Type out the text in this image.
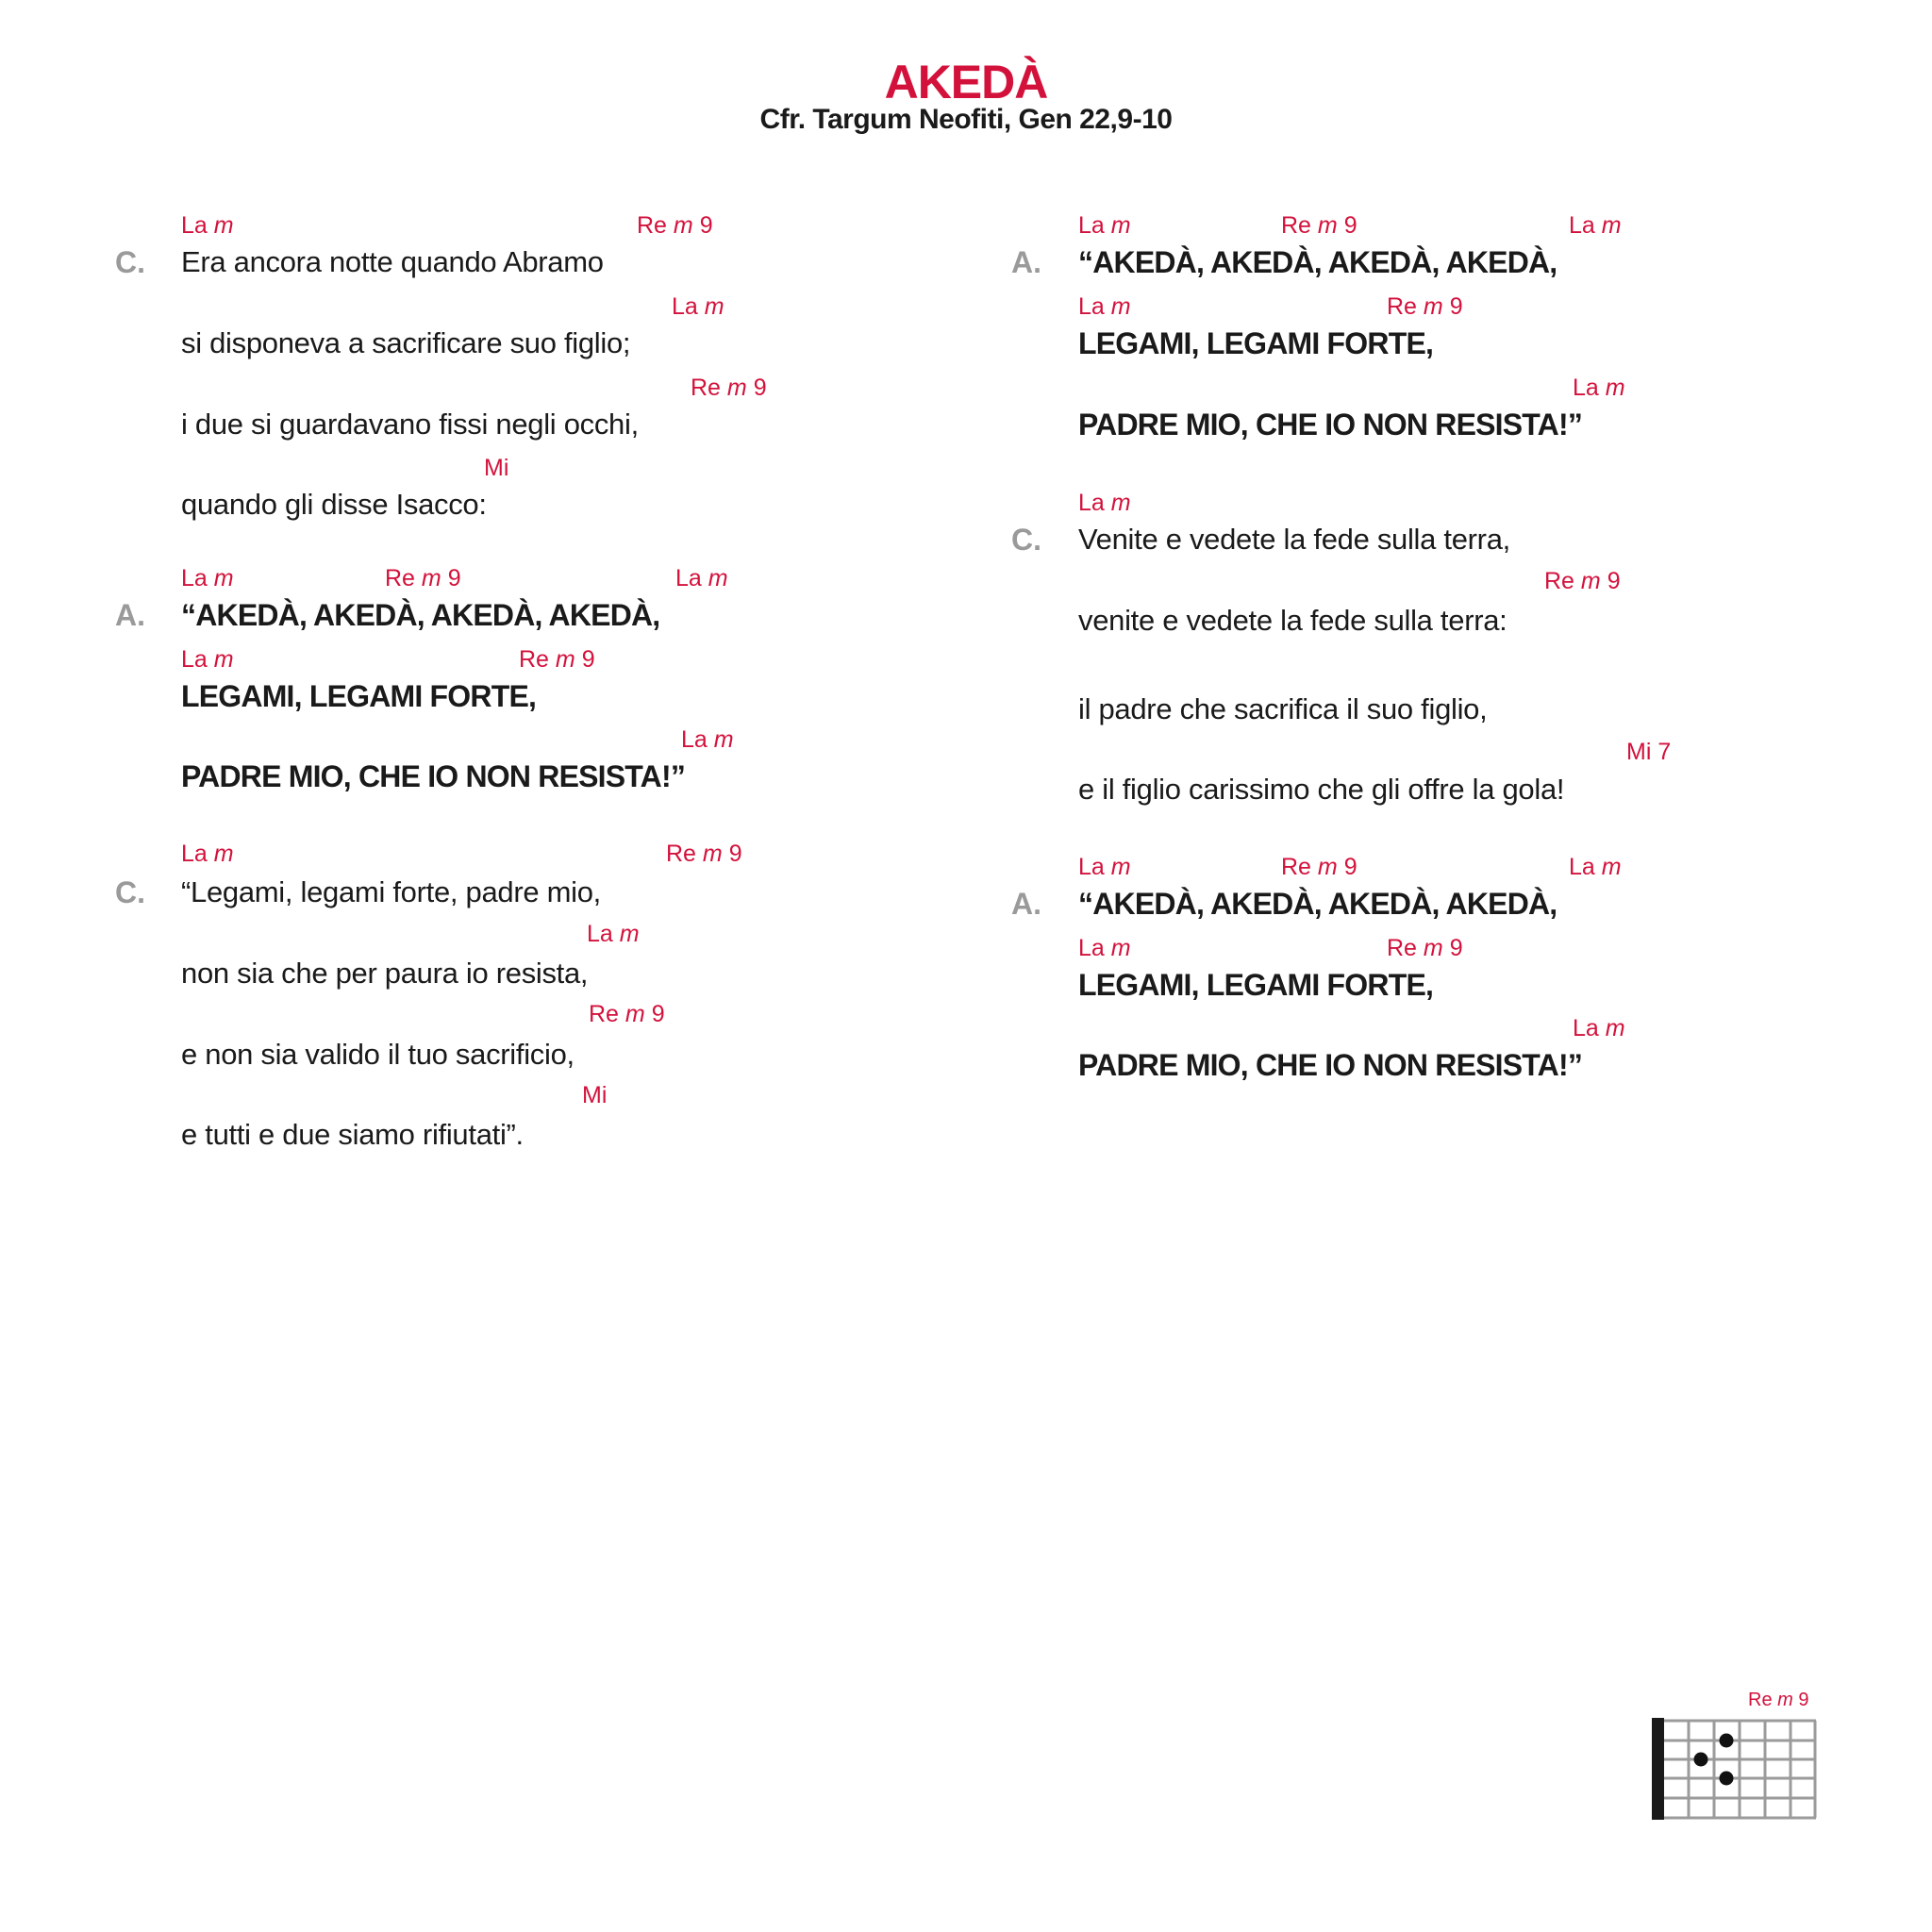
AKEDÀ
Cfr. Targum Neofiti, Gen 22,9-10
C.
La m	Re m 9
Era ancora notte quando Abramo
La m
si disponeva a sacrificare suo figlio;
Re m 9
i due si guardavano fissi negli occhi,
Mi
quando gli disse Isacco:
A.
La m	Re m 9	La m
“AKEDÀ, AKEDÀ, AKEDÀ, AKEDÀ,
La m	Re m 9
LEGAMI, LEGAMI FORTE,
La m
PADRE MIO, CHE IO NON RESISTA!”
C.
La m	Re m 9
“Legami, legami forte, padre mio,
La m
non sia che per paura io resista,
Re m 9
e non sia valido il tuo sacrificio,
Mi
e tutti e due siamo rifiutati”.
A.
La m	Re m 9	La m
“AKEDÀ, AKEDÀ, AKEDÀ, AKEDÀ,
La m	Re m 9
LEGAMI, LEGAMI FORTE,
La m
PADRE MIO, CHE IO NON RESISTA!”
C.
La m
Venite e vedete la fede sulla terra,
Re m 9
venite e vedete la fede sulla terra:
il padre che sacrifica il suo figlio,
Mi 7
e il figlio carissimo che gli offre la gola!
A.
La m	Re m 9	La m
“AKEDÀ, AKEDÀ, AKEDÀ, AKEDÀ,
La m	Re m 9
LEGAMI, LEGAMI FORTE,
La m
PADRE MIO, CHE IO NON RESISTA!”
Re m 9
